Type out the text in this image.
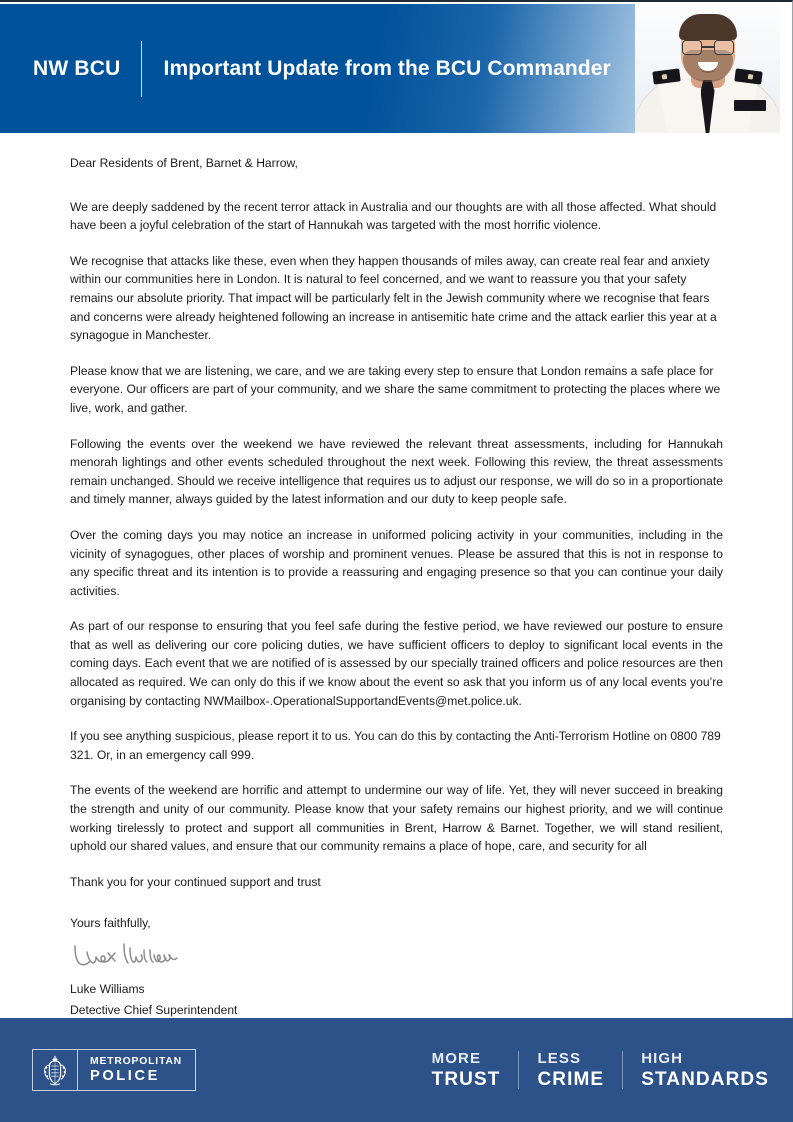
NW BCU Important Update from the BCU Commander

Dear Residents of Brent, Barnet & Harrow,

We are deeply saddened by the recent terror attack in Australia and our thoughts are with all those affected. What should have been a joyful celebration of the start of Hannukah was targeted with the most horrific violence.

We recognise that attacks like these, even when they happen thousands of miles away, can create real fear and anxiety within our communities here in London. It is natural to feel concerned, and we want to reassure you that your safety remains our absolute priority. That impact will be particularly felt in the Jewish community where we recognise that fears and concerns were already heightened following an increase in antisemitic hate crime and the attack earlier this year at a synagogue in Manchester.

Please know that we are listening, we care, and we are taking every step to ensure that London remains a safe place for everyone. Our officers are part of your community, and we share the same commitment to protecting the places where we live, work, and gather.

Following the events over the weekend we have reviewed the relevant threat assessments, including for Hannukah menorah lightings and other events scheduled throughout the next week. Following this review, the threat assessments remain unchanged. Should we receive intelligence that requires us to adjust our response, we will do so in a proportionate and timely manner, always guided by the latest information and our duty to keep people safe.

Over the coming days you may notice an increase in uniformed policing activity in your communities, including in the vicinity of synagogues, other places of worship and prominent venues. Please be assured that this is not in response to any specific threat and its intention is to provide a reassuring and engaging presence so that you can continue your daily activities.

As part of our response to ensuring that you feel safe during the festive period, we have reviewed our posture to ensure that as well as delivering our core policing duties, we have sufficient officers to deploy to significant local events in the coming days. Each event that we are notified of is assessed by our specially trained officers and police resources are then allocated as required. We can only do this if we know about the event so ask that you inform us of any local events you’re organising by contacting NWMailbox-.OperationalSupportandEvents@met.police.uk.

If you see anything suspicious, please report it to us. You can do this by contacting the Anti-Terrorism Hotline on 0800 789 321. Or, in an emergency call 999.

The events of the weekend are horrific and attempt to undermine our way of life. Yet, they will never succeed in breaking the strength and unity of our community. Please know that your safety remains our highest priority, and we will continue working tirelessly to protect and support all communities in Brent, Harrow & Barnet. Together, we will stand resilient, uphold our shared values, and ensure that our community remains a place of hope, care, and security for all

Thank you for your continued support and trust

Yours faithfully,

Luke Williams

Detective Chief Superintendent

METROPOLITAN
POLICE
MORE
TRUST
LESS
CRIME
HIGH
STANDARDS
